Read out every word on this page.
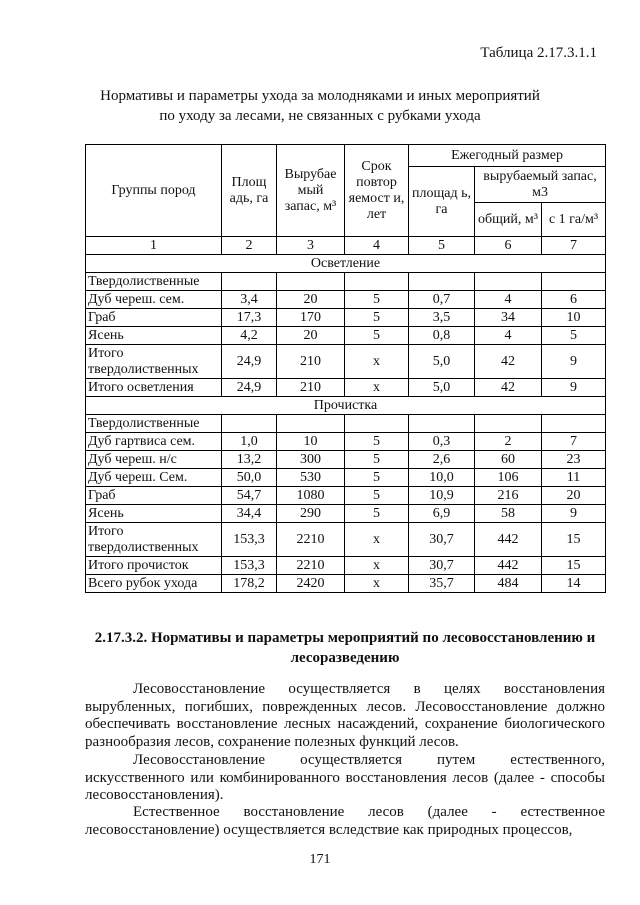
Таблица 2.17.3.1.1
Нормативы и параметры ухода за молодняками и иных мероприятий
по уходу за лесами, не связанных с рубками ухода
Группы пород	Площ адь, га	Вырубае мый запас, м³	Срок повтор яемост и, лет	Ежегодный размер		
				площад ь, га	вырубаемый запас, м3	
					общий, м³	с 1 га/м³
1	2	3	4	5	6	7
Осветление						
Твердолиственные						
Дуб череш. сем.	3,4	20	5	0,7	4	6
Граб	17,3	170	5	3,5	34	10
Ясень	4,2	20	5	0,8	4	5
Итого твердолиственных	24,9	210	х	5,0	42	9
Итого осветления	24,9	210	х	5,0	42	9
Прочистка						
Твердолиственные						
Дуб гартвиса сем.	1,0	10	5	0,3	2	7
Дуб череш. н/с	13,2	300	5	2,6	60	23
Дуб череш. Сем.	50,0	530	5	10,0	106	11
Граб	54,7	1080	5	10,9	216	20
Ясень	34,4	290	5	6,9	58	9
Итого твердолиственных	153,3	2210	х	30,7	442	15
Итого прочисток	153,3	2210	х	30,7	442	15
Всего рубок ухода	178,2	2420	х	35,7	484	14
2.17.3.2. Нормативы и параметры мероприятий по лесовосстановлению и лесоразведению

Лесовосстановление осуществляется в целях восстановления вырубленных, погибших, поврежденных лесов. Лесовосстановление должно обеспечивать восстановление лесных насаждений, сохранение биологического разнообразия лесов, сохранение полезных функций лесов.

Лесовосстановление осуществляется путем естественного, искусственного или комбинированного восстановления лесов (далее - способы лесовосстановления).

Естественное восстановление лесов (далее - естественное лесовосстановление) осуществляется вследствие как природных процессов,

171
